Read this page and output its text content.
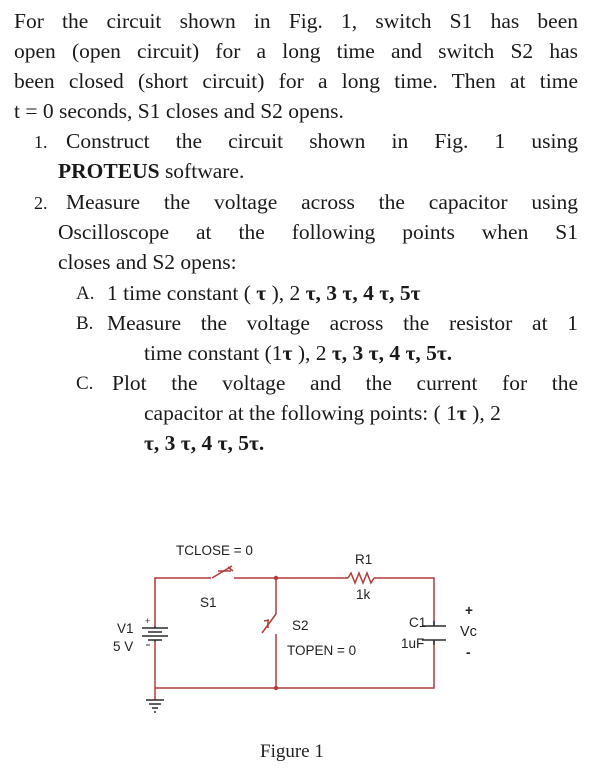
For the circuit shown in Fig. 1, switch S1 has been
open (open circuit) for a long time and switch S2 has
been closed (short circuit) for a long time. Then at time
t = 0 seconds, S1 closes and S2 opens.
1. Construct the circuit shown in Fig. 1 using
PROTEUS software.
2. Measure the voltage across the capacitor using
Oscilloscope at the following points when S1
closes and S2 opens:
A. 1 time constant ( τ ), 2 τ, 3 τ, 4 τ, 5τ
B. Measure the voltage across the resistor at 1
time constant (1τ ), 2 τ, 3 τ, 4 τ, 5τ.
C. Plot the voltage and the current for the
capacitor at the following points: ( 1τ ), 2
τ, 3 τ, 4 τ, 5τ.
+
TCLOSE = 0
S1
R1
1k
V1
5 V
S2
TOPEN = 0
C1
1uF
+
Vc
-
Figure 1
